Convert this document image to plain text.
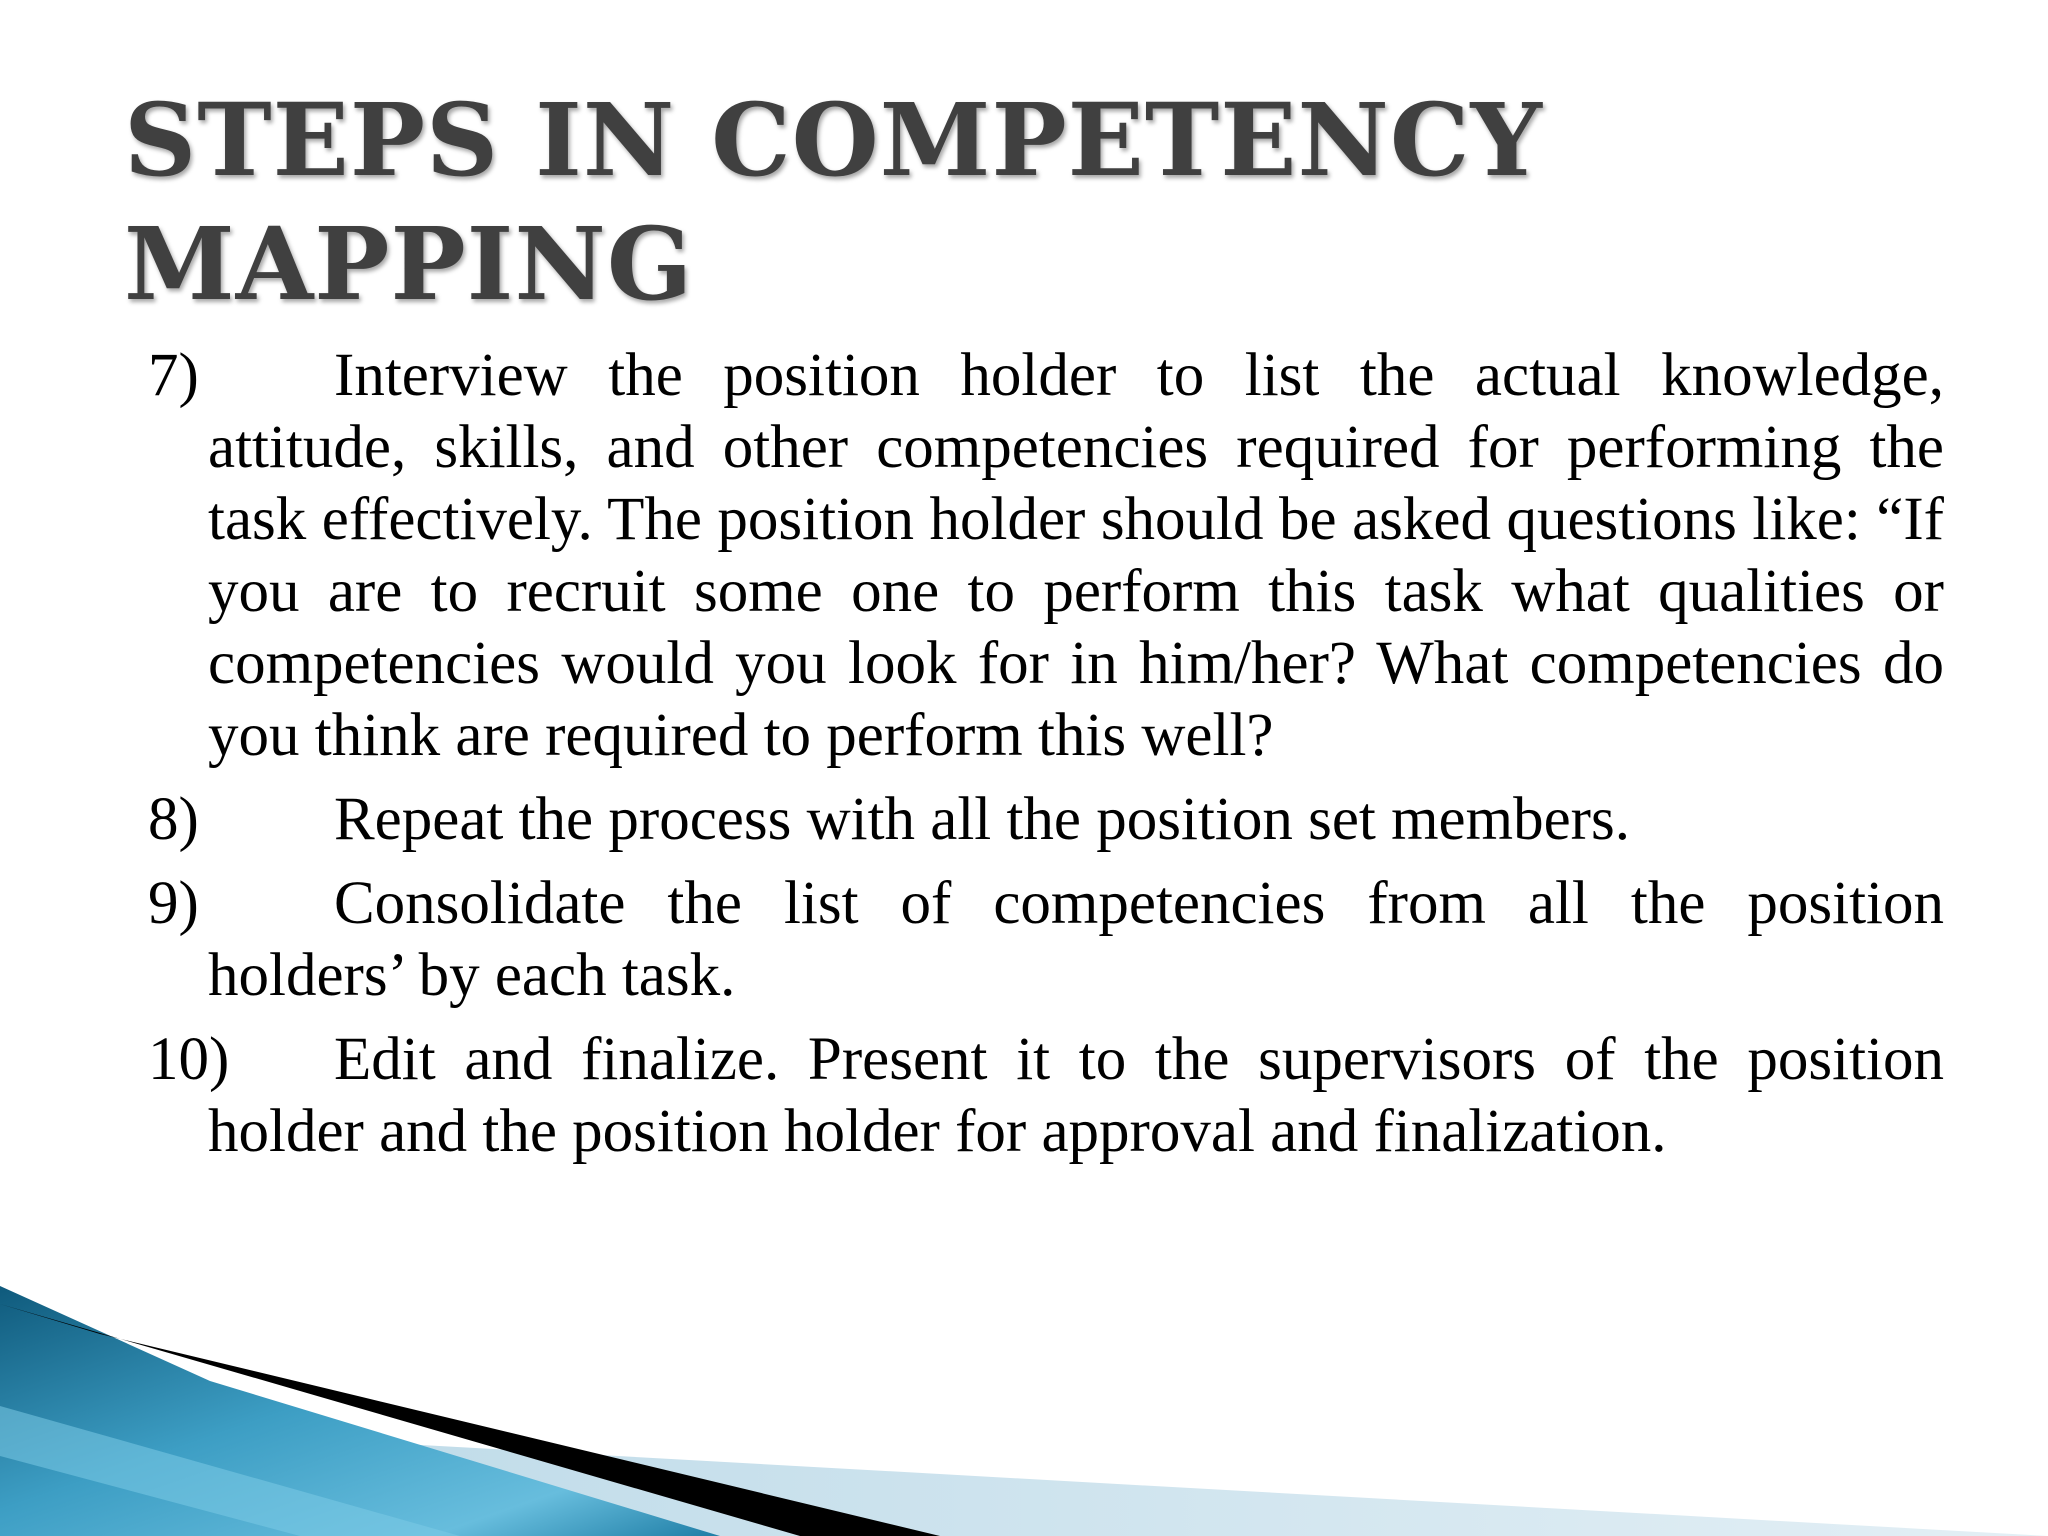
STEPS IN COMPETENCY
MAPPING
7)	Interview the position holder to list the actual knowledge, attitude, skills, and other competencies required for performing the task effectively. The position holder should be asked questions like: “If you are to recruit some one to perform this task what qualities or competencies would you look for in him/her? What competencies do you think are required to perform this well?
8)	Repeat the process with all the position set members.
9)	Consolidate the list of competencies from all the position holders’ by each task.
10)	Edit and finalize. Present it to the supervisors of the position holder and the position holder for approval and finalization.
